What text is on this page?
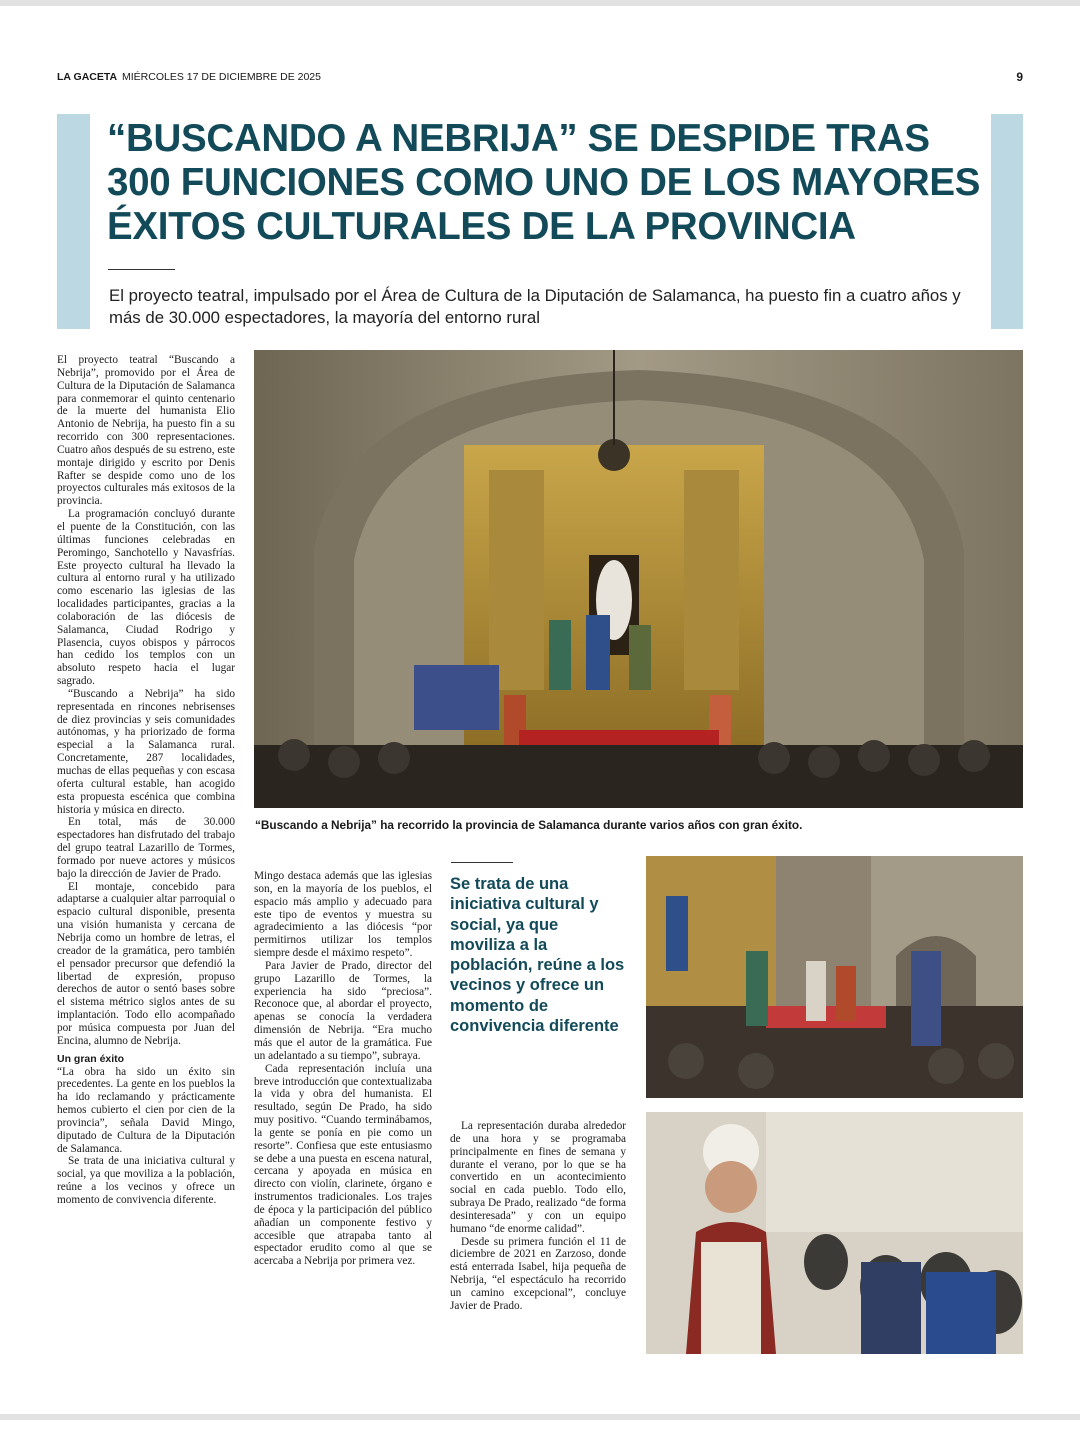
LA GACETA MIÉRCOLES 17 DE DICIEMBRE DE 2025	9
“BUSCANDO A NEBRIJA” SE DESPIDE TRAS 300 FUNCIONES COMO UNO DE LOS MAYORES ÉXITOS CULTURALES DE LA PROVINCIA

El proyecto teatral, impulsado por el Área de Cultura de la Diputación de Salamanca, ha puesto fin a cuatro años y más de 30.000 espectadores, la mayoría del entorno rural

El proyecto teatral “Buscando a Nebrija”, promovido por el Área de Cultura de la Diputación de Salamanca para conmemorar el quinto centenario de la muerte del humanista Elio Antonio de Nebrija, ha puesto fin a su recorrido con 300 representaciones. Cuatro años después de su estreno, este montaje dirigido y escrito por Denis Rafter se despide como uno de los proyectos culturales más exitosos de la provincia.

La programación concluyó durante el puente de la Constitución, con las últimas funciones celebradas en Peromingo, Sanchotello y Navasfrías. Este proyecto cultural ha llevado la cultura al entorno rural y ha utilizado como escenario las iglesias de las localidades participantes, gracias a la colaboración de las diócesis de Salamanca, Ciudad Rodrigo y Plasencia, cuyos obispos y párrocos han cedido los templos con un absoluto respeto hacia el lugar sagrado.

“Buscando a Nebrija” ha sido representada en rincones nebrisenses de diez provincias y seis comunidades autónomas, y ha priorizado de forma especial a la Salamanca rural. Concretamente, 287 localidades, muchas de ellas pequeñas y con escasa oferta cultural estable, han acogido esta propuesta escénica que combina historia y música en directo.

En total, más de 30.000 espectadores han disfrutado del trabajo del grupo teatral Lazarillo de Tormes, formado por nueve actores y músicos bajo la dirección de Javier de Prado.

El montaje, concebido para adaptarse a cualquier altar parroquial o espacio cultural disponible, presenta una visión humanista y cercana de Nebrija como un hombre de letras, el creador de la gramática, pero también el pensador precursor que defendió la libertad de expresión, propuso derechos de autor o sentó bases sobre el sistema métrico siglos antes de su implantación. Todo ello acompañado por música compuesta por Juan del Encina, alumno de Nebrija.

Un gran éxito

“La obra ha sido un éxito sin precedentes. La gente en los pueblos la ha ido reclamando y prácticamente hemos cubierto el cien por cien de la provincia”, señala David Mingo, diputado de Cultura de la Diputación de Salamanca.

Se trata de una iniciativa cultural y social, ya que moviliza a la población, reúne a los vecinos y ofrece un momento de convivencia diferente.

“Buscando a Nebrija” ha recorrido la provincia de Salamanca durante varios años con gran éxito.

Mingo destaca además que las iglesias son, en la mayoría de los pueblos, el espacio más amplio y adecuado para este tipo de eventos y muestra su agradecimiento a las diócesis “por permitirnos utilizar los templos siempre desde el máximo respeto”.

Para Javier de Prado, director del grupo Lazarillo de Tormes, la experiencia ha sido “preciosa”. Reconoce que, al abordar el proyecto, apenas se conocía la verdadera dimensión de Nebrija. “Era mucho más que el autor de la gramática. Fue un adelantado a su tiempo”, subraya.

Cada representación incluía una breve introducción que contextualizaba la vida y obra del humanista. El resultado, según De Prado, ha sido muy positivo. “Cuando terminábamos, la gente se ponía en pie como un resorte”. Confiesa que este entusiasmo se debe a una puesta en escena natural, cercana y apoyada en música en directo con violín, clarinete, órgano e instrumentos tradicionales. Los trajes de época y la participación del público añadían un componente festivo y accesible que atrapaba tanto al espectador erudito como al que se acercaba a Nebrija por primera vez.

Se trata de una iniciativa cultural y social, ya que moviliza a la población, reúne a los vecinos y ofrece un momento de convivencia diferente

La representación duraba alrededor de una hora y se programaba principalmente en fines de semana y durante el verano, por lo que se ha convertido en un acontecimiento social en cada pueblo. Todo ello, subraya De Prado, realizado “de forma desinteresada” y con un equipo humano “de enorme calidad”.

Desde su primera función el 11 de diciembre de 2021 en Zarzoso, donde está enterrada Isabel, hija pequeña de Nebrija, “el espectáculo ha recorrido un camino excepcional”, concluye Javier de Prado.
